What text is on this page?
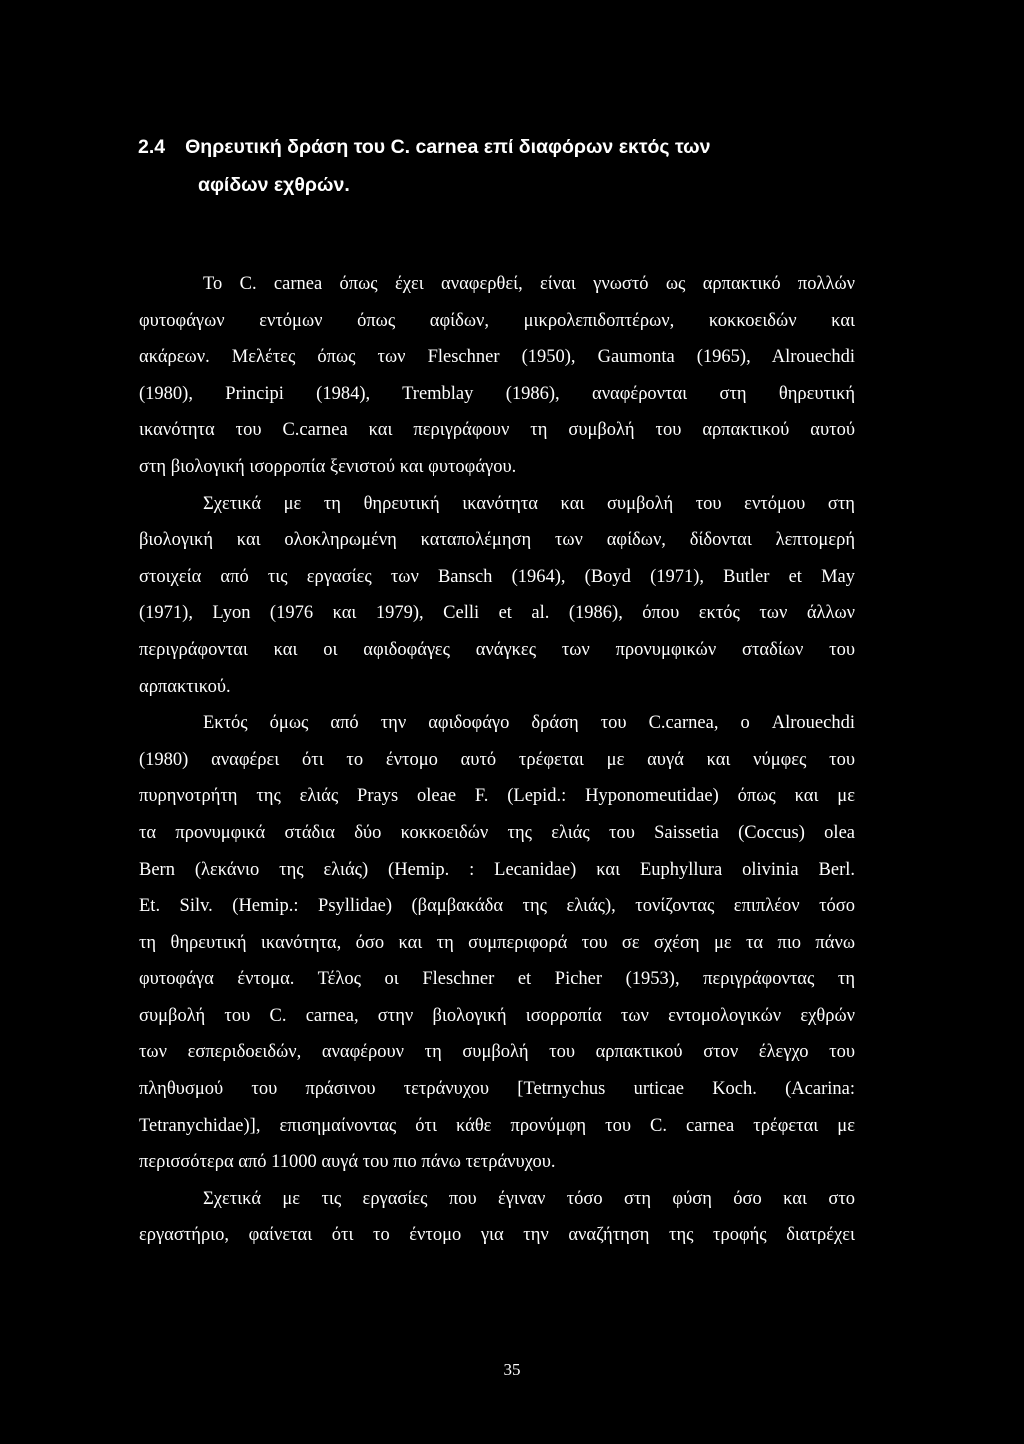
2.4 Θηρευτική δράση του C. carnea επί διαφόρων εκτός των
αφίδων εχθρών.
Το C. carnea όπως έχει αναφερθεί, είναι γνωστό ως αρπακτικό πολλών
φυτοφάγων εντόμων όπως αφίδων, μικρολεπιδοπτέρων, κοκκοειδών και
ακάρεων. Μελέτες όπως των Fleschner (1950), Gaumonta (1965), Alrouechdi
(1980), Principi (1984), Tremblay (1986), αναφέρονται στη θηρευτική
ικανότητα του C.carnea και περιγράφουν τη συμβολή του αρπακτικού αυτού
στη βιολογική ισορροπία ξενιστού και φυτοφάγου.
Σχετικά με τη θηρευτική ικανότητα και συμβολή του εντόμου στη
βιολογική και ολοκληρωμένη καταπολέμηση των αφίδων, δίδονται λεπτομερή
στοιχεία από τις εργασίες των Bansch (1964), (Boyd (1971), Butler et May
(1971), Lyon (1976 και 1979), Celli et al. (1986), όπου εκτός των άλλων
περιγράφονται και οι αφιδοφάγες ανάγκες των προνυμφικών σταδίων του
αρπακτικού.
Εκτός όμως από την αφιδοφάγο δράση του C.carnea, ο Alrouechdi
(1980) αναφέρει ότι το έντομο αυτό τρέφεται με αυγά και νύμφες του
πυρηνοτρήτη της ελιάς Prays oleae F. (Lepid.: Hyponomeutidae) όπως και με
τα προνυμφικά στάδια δύο κοκκοειδών της ελιάς του Saissetia (Coccus) olea
Bern (λεκάνιο της ελιάς) (Hemip. : Lecanidae) και Euphyllura olivinia Berl.
Et. Silv. (Hemip.: Psyllidae) (βαμβακάδα της ελιάς), τονίζοντας επιπλέον τόσο
τη θηρευτική ικανότητα, όσο και τη συμπεριφορά του σε σχέση με τα πιο πάνω
φυτοφάγα έντομα. Τέλος οι Fleschner et Picher (1953), περιγράφοντας τη
συμβολή του C. carnea, στην βιολογική ισορροπία των εντομολογικών εχθρών
των εσπεριδοειδών, αναφέρουν τη συμβολή του αρπακτικού στον έλεγχο του
πληθυσμού του πράσινου τετράνυχου [Tetrnychus urticae Koch. (Acarina:
Tetranychidae)], επισημαίνοντας ότι κάθε προνύμφη του C. carnea τρέφεται με
περισσότερα από 11000 αυγά του πιο πάνω τετράνυχου.
Σχετικά με τις εργασίες που έγιναν τόσο στη φύση όσο και στο
εργαστήριο, φαίνεται ότι το έντομο για την αναζήτηση της τροφής διατρέχει
35
